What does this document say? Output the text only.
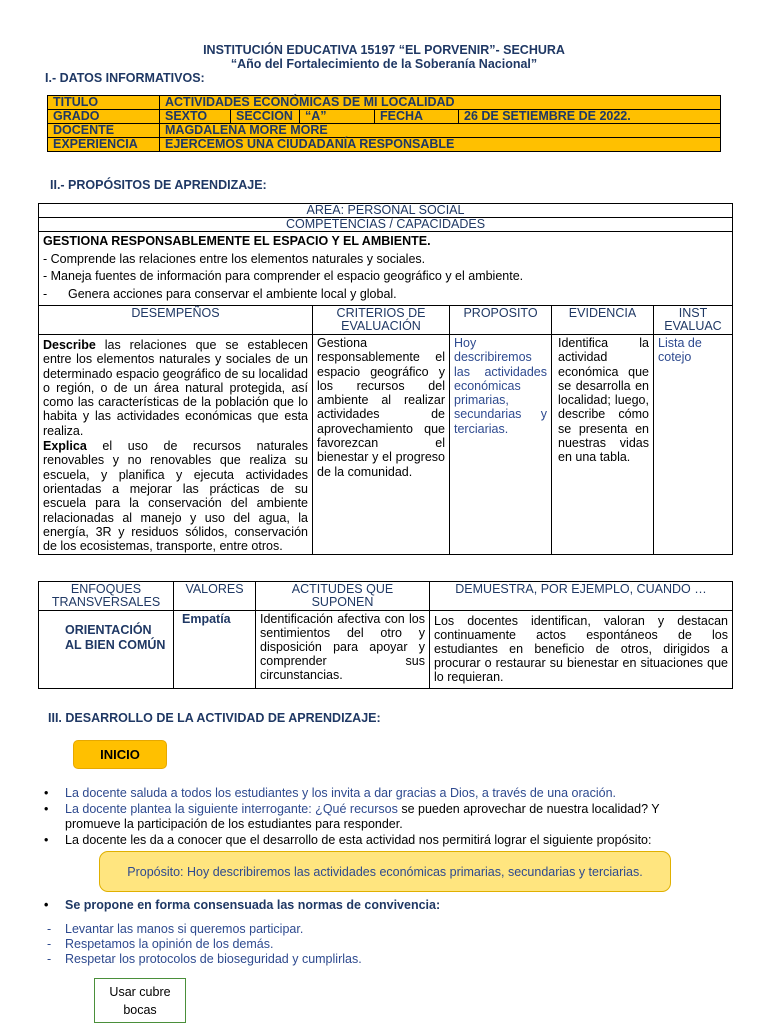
INSTITUCIÓN EDUCATIVA 15197 “EL PORVENIR”- SECHURA
“Año del Fortalecimiento de la Soberanía Nacional”
I.- DATOS INFORMATIVOS:
TITULO	ACTIVIDADES ECONÓMICAS DE MI LOCALIDAD			
GRADO	SEXTO	SECCION	“A”	FECHA 26 DE SETIEMBRE DE 2022.

DOCENTE	MAGDALENA MORE MORE			
EXPERIENCIA	EJERCEMOS UNA CIUDADANÍA RESPONSABLE			
II.- PROPÓSITOS DE APRENDIZAJE:
AREA: PERSONAL SOCIAL				
COMPETENCIAS / CAPACIDADES				

GESTIONA RESPONSABLEMENTE EL ESPACIO Y EL AMBIENTE.
- Comprende las relaciones entre los elementos naturales y sociales.
- Maneja fuentes de información para comprender el espacio geográfico y el ambiente.
-      Genera acciones para conservar el ambiente local y global.				

DESEMPEÑOS	CRITERIOS DE EVALUACIÓN	PROPOSITO	EVIDENCIA	INST EVALUAC

Describe las relaciones que se establecen entre los elementos naturales y sociales de un determinado espacio geográfico de su localidad o región, o de un área natural protegida, así como las características de la población que lo habita y las actividades económicas que esta realiza.
Explica el uso de recursos naturales renovables y no renovables que realiza su escuela, y planifica y ejecuta actividades orientadas a mejorar las prácticas de su escuela para la conservación del ambiente relacionadas al manejo y uso del agua, la energía, 3R y residuos sólidos, conservación de los ecosistemas, transporte, entre otros.	Gestiona responsablemente el espacio geográfico y los recursos del ambiente al realizar actividades de aprovechamiento que favorezcan el bienestar y el progreso de la comunidad.	Hoy describiremos las actividades económicas primarias, secundarias y terciarias.	Identifica la actividad económica que se desarrolla en localidad; luego, describe cómo se presenta en nuestras vidas en una tabla.	Lista de cotejo
ENFOQUES TRANSVERSALES	VALORES	ACTITUDES QUE SUPONEN	DEMUESTRA, POR EJEMPLO, CUANDO …
ORIENTACIÓN AL BIEN COMÚN	Empatía	Identificación afectiva con los sentimientos del otro y disposición para apoyar y comprender sus circunstancias.	Los docentes identifican, valoran y destacan continuamente actos espontáneos de los estudiantes en beneficio de otros, dirigidos a procurar o restaurar su bienestar en situaciones que lo requieran.
III. DESARROLLO DE LA ACTIVIDAD DE APRENDIZAJE:
INICIO
• La docente saluda a todos los estudiantes y los invita a dar gracias a Dios, a través de una oración.
• La docente plantea la siguiente interrogante: ¿Qué recursos se pueden aprovechar de nuestra localidad? Y
promueve la participación de los estudiantes para responder.
• La docente les da a conocer que el desarrollo de esta actividad nos permitirá lograr el siguiente propósito:
Propósito: Hoy describiremos las actividades económicas primarias, secundarias y terciarias.
• Se propone en forma consensuada las normas de convivencia:
- Levantar las manos si queremos participar.
- Respetamos la opinión de los demás.
- Respetar los protocolos de bioseguridad y cumplirlas.
Usar cubre bocas
